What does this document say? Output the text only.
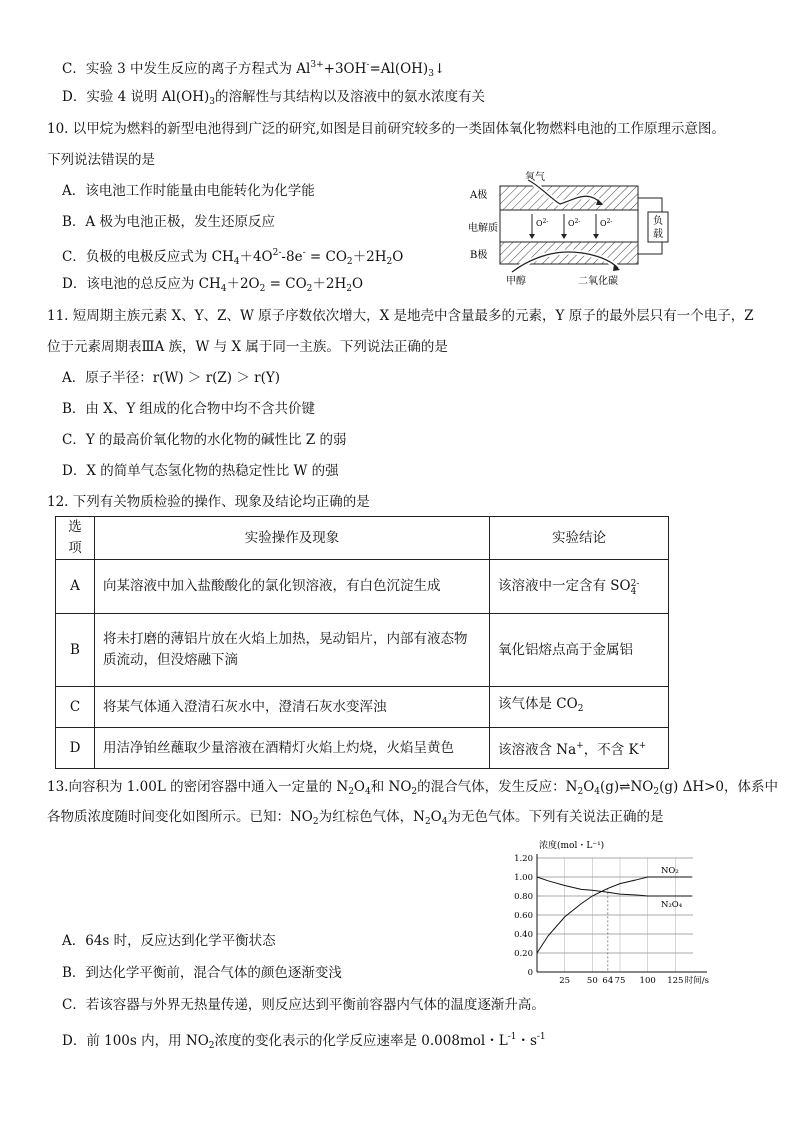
C．实验 3 中发生反应的离子方程式为 $Al^{3+}+3OH^-=Al(OH)_3↓$
D．实验 4 说明 $Al(OH)_3$的溶解性与其结构以及溶液中的氨水浓度有关
10. 以甲烷为燃料的新型电池得到广泛的研究,如图是目前研究较多的一类固体氧化物燃料电池的工作原理示意图。
下列说法错误的是
A．该电池工作时能量由电能转化为化学能
B．A 极为电池正极，发生还原反应
C．负极的电极反应式为 $CH_4+4O^{2-}-8e^- = CO_2+2H_2O$
D．该电池的总反应为 $CH_4+2O_2 = CO_2+2H_2O$
氧气
A极
电解质
B极
$O^{2-}$ $O^{2-}$ $O^{2-}$	负
载
甲醇	二氧化碳
11. 短周期主族元素 X、Y、Z、W 原子序数依次增大，X 是地壳中含量最多的元素，Y 原子的最外层只有一个电子，Z
位于元素周期表ⅢA 族，W 与 X 属于同一主族。下列说法正确的是
A．原子半径：r(W) ＞ r(Z) ＞ r(Y)
B．由 X、Y 组成的化合物中均不含共价键
C．Y 的最高价氧化物的水化物的碱性比 Z 的弱
D．X 的简单气态氢化物的热稳定性比 W 的强
12. 下列有关物质检验的操作、现象及结论均正确的是
选项	实验操作及现象	实验结论
A	向某溶液中加入盐酸酸化的氯化钡溶液，有白色沉淀生成	该溶液中一定含有 SO2-
4
B	将未打磨的薄铝片放在火焰上加热，晃动铝片，内部有液态物
质流动，但没熔融下滴	氧化铝熔点高于金属铝
C	将某气体通入澄清石灰水中，澄清石灰水变浑浊	该气体是 $CO_2$
D	用洁净铂丝蘸取少量溶液在酒精灯火焰上灼烧，火焰呈黄色	该溶液含 Na+，不含 K+
13.向容积为 1.00L 的密闭容器中通入一定量的 $N_2O_4$和 $NO_2$的混合气体，发生反应：$N_2O_4(g)\rightleftharpoons NO_2(g)$ ΔH>0，体系中
各物质浓度随时间变化如图所示。已知：$NO_2$为红棕色气体，$N_2O_4$为无色气体。下列有关说法正确的是
浓度(mol・L⁻¹)
1.20
1.00
0.80
0.60
0.40
0.20
0
25 50 64 75 100 125 时间/s
NO₂
N₂O₄
A．64s 时，反应达到化学平衡状态
B．到达化学平衡前，混合气体的颜色逐渐变浅
C．若该容器与外界无热量传递，则反应达到平衡前容器内气体的温度逐渐升高。
D．前 100s 内，用 $NO_2$浓度的变化表示的化学反应速率是 0.008mol・$L^{-1}$・$s^{-1}$
